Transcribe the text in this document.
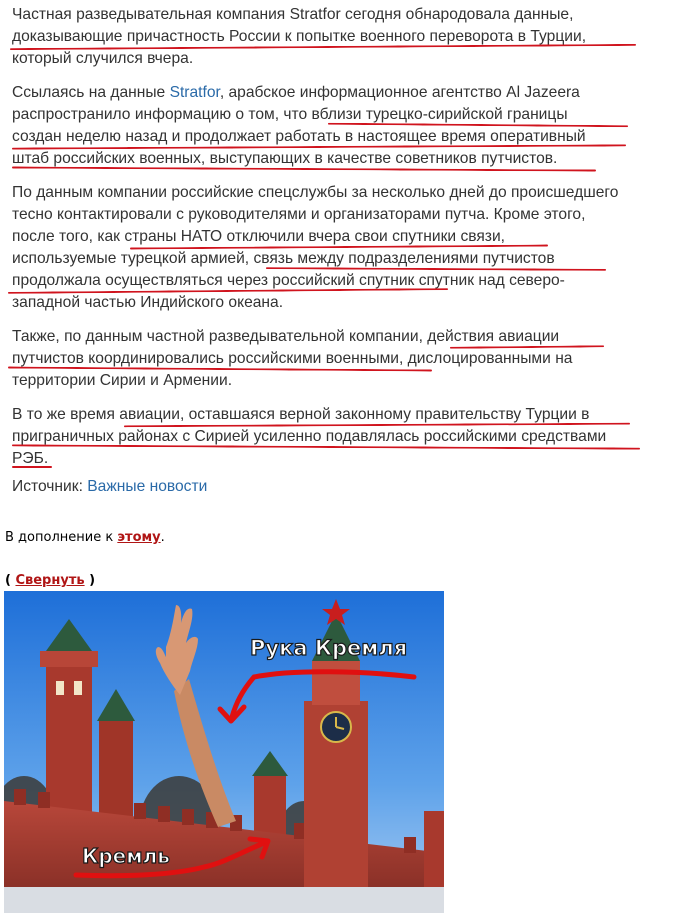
Частная разведывательная компания Stratfor сегодня обнародовала данные,
доказывающие причастность России к попытке военного переворота в Турции,
который случился вчера.
Ссылаясь на данные Stratfor, арабское информационное агентство Al Jazeera
распространило информацию о том, что вблизи турецко-сирийской границы
создан неделю назад и продолжает работать в настоящее время оперативный
штаб российских военных, выступающих в качестве советников путчистов.
По данным компании российские спецслужбы за несколько дней до происшедшего
тесно контактировали с руководителями и организаторами путча. Кроме этого,
после того, как страны НАТО отключили вчера свои спутники связи,
используемые турецкой армией, связь между подразделениями путчистов
продолжала осуществляться через российский спутник спутник над северо-
западной частью Индийского океана.
Также, по данным частной разведывательной компании, действия авиации
путчистов координировались российскими военными, дислоцированными на
территории Сирии и Армении.
В то же время авиации, оставшаяся верной законному правительству Турции в
приграничных районах с Сирией усиленно подавлялась российскими средствами
РЭБ.
Источник: Важные новости
В дополнение к этому.
( Свернуть )
Рука Кремля
Кремль
